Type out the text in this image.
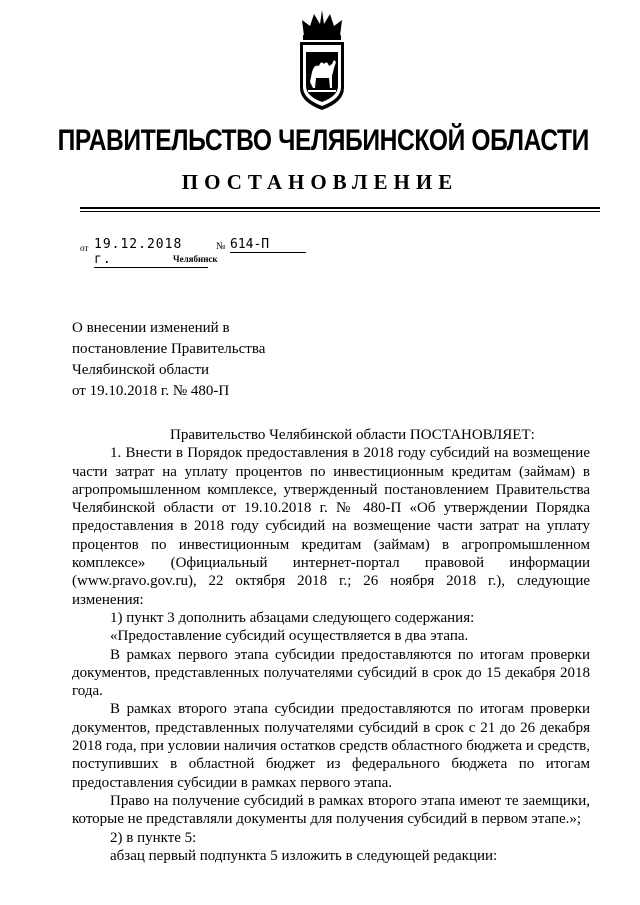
ПРАВИТЕЛЬСТВО ЧЕЛЯБИНСКОЙ ОБЛАСТИ
ПОСТАНОВЛЕНИЕ
от 19.12.2018 г.
№ 614-П
Челябинск

О внесении изменений в

постановление Правительства

Челябинской области

от 19.10.2018 г. № 480-П

Правительство Челябинской области ПОСТАНОВЛЯЕТ:

1. Внести в Порядок предоставления в 2018 году субсидий на возмещение части затрат на уплату процентов по инвестиционным кредитам (займам) в агропромышленном комплексе, утвержденный постановлением Правительства Челябинской области от 19.10.2018 г. № 480-П «Об утверждении Порядка предоставления в 2018 году субсидий на возмещение части затрат на уплату процентов по инвестиционным кредитам (займам) в агропромышленном комплексе» (Официальный интернет-портал правовой информации (www.pravo.gov.ru), 22 октября 2018 г.; 26 ноября 2018 г.), следующие изменения:

1) пункт 3 дополнить абзацами следующего содержания:

«Предоставление субсидий осуществляется в два этапа.

В рамках первого этапа субсидии предоставляются по итогам проверки документов, представленных получателями субсидий в срок до 15 декабря 2018 года.

В рамках второго этапа субсидии предоставляются по итогам проверки документов, представленных получателями субсидий в срок с 21 до 26 декабря 2018 года, при условии наличия остатков средств областного бюджета и средств, поступивших в областной бюджет из федерального бюджета по итогам предоставления субсидии в рамках первого этапа.

Право на получение субсидий в рамках второго этапа имеют те заемщики, которые не представляли документы для получения субсидий в первом этапе.»;

2) в пункте 5:

абзац первый подпункта 5 изложить в следующей редакции:
